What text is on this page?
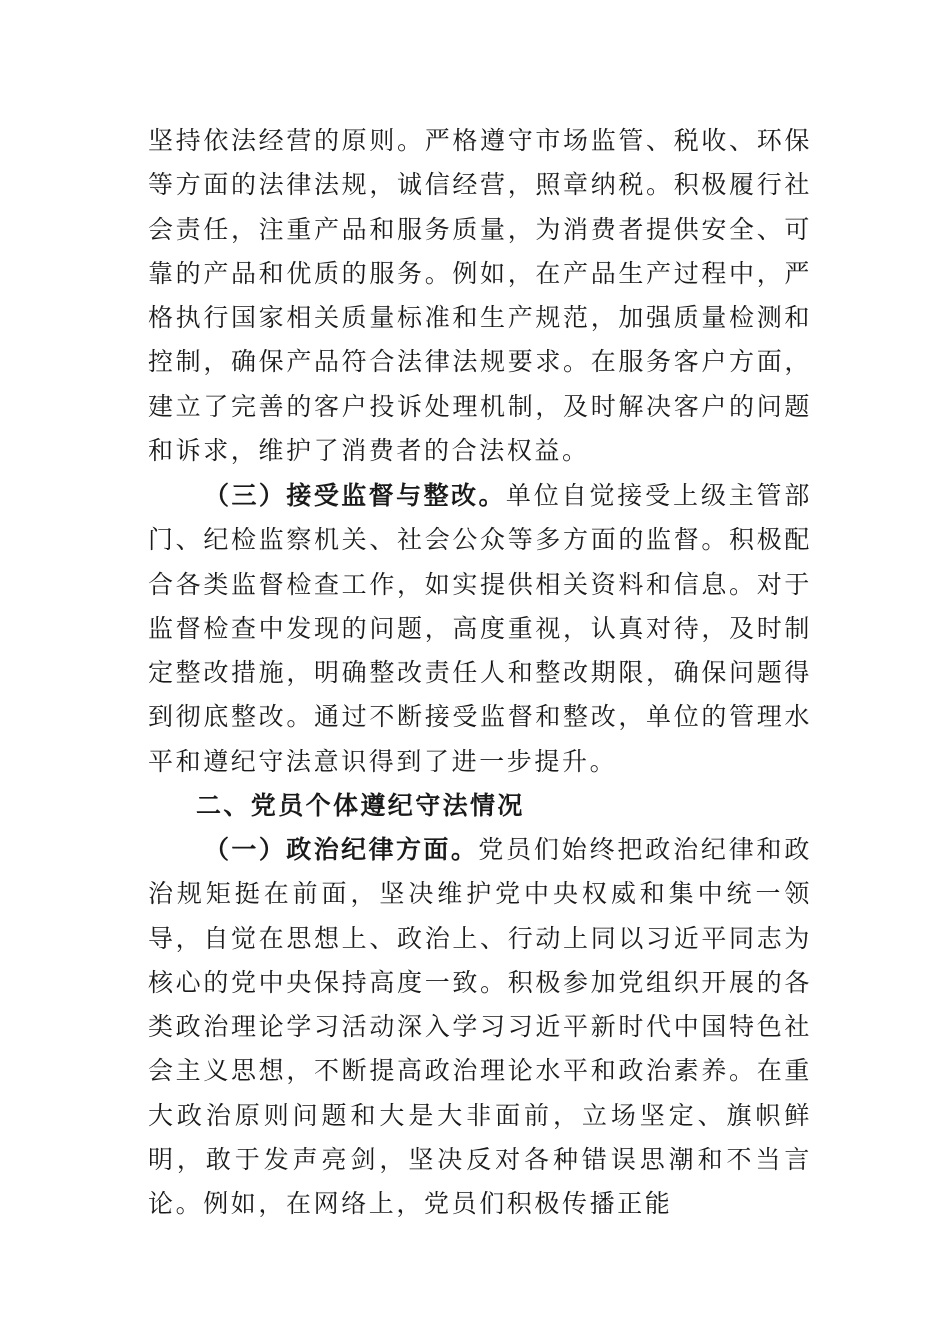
坚持依法经营的原则。严格遵守市场监管、税收、环保等方面的法律法规，诚信经营，照章纳税。积极履行社会责任，注重产品和服务质量，为消费者提供安全、可靠的产品和优质的服务。例如，在产品生产过程中，严格执行国家相关质量标准和生产规范，加强质量检测和控制，确保产品符合法律法规要求。在服务客户方面，建立了完善的客户投诉处理机制，及时解决客户的问题和诉求，维护了消费者的合法权益。

（三）接受监督与整改。单位自觉接受上级主管部门、纪检监察机关、社会公众等多方面的监督。积极配合各类监督检查工作，如实提供相关资料和信息。对于监督检查中发现的问题，高度重视，认真对待，及时制定整改措施，明确整改责任人和整改期限，确保问题得到彻底整改。通过不断接受监督和整改，单位的管理水平和遵纪守法意识得到了进一步提升。

二、党员个体遵纪守法情况

（一）政治纪律方面。党员们始终把政治纪律和政治规矩挺在前面，坚决维护党中央权威和集中统一领导，自觉在思想上、政治上、行动上同以习近平同志为核心的党中央保持高度一致。积极参加党组织开展的各类政治理论学习活动深入学习习近平新时代中国特色社会主义思想，不断提高政治理论水平和政治素养。在重大政治原则问题和大是大非面前，立场坚定、旗帜鲜明，敢于发声亮剑，坚决反对各种错误思潮和不当言论。例如，在网络上，党员们积极传播正能
